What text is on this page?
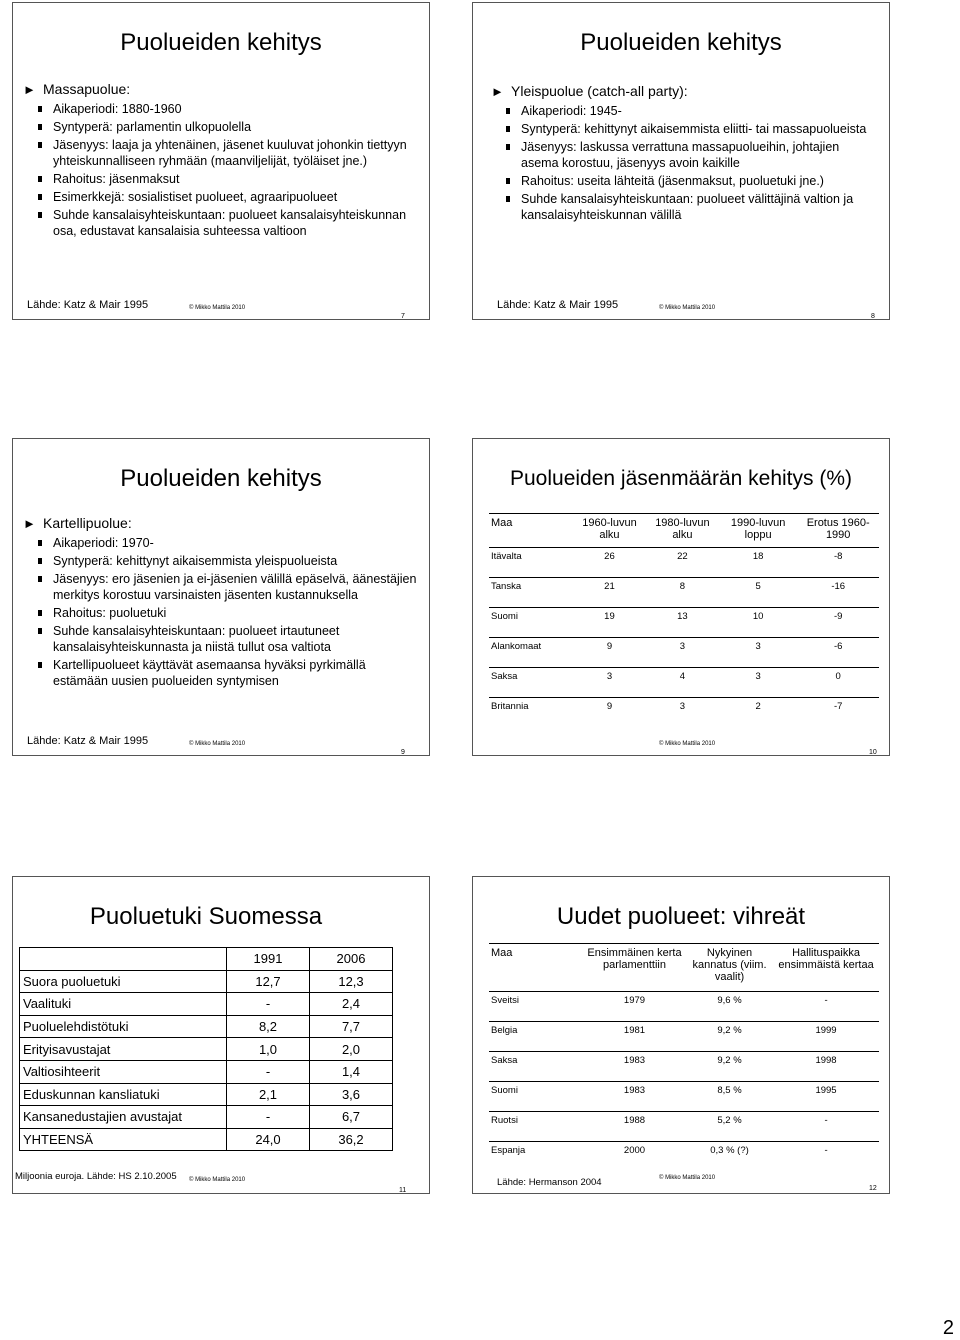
Puolueiden kehitys
► Massapuolue:
Aikaperiodi: 1880-1960
Syntyperä: parlamentin ulkopuolella
Jäsenyys: laaja ja yhtenäinen, jäsenet kuuluvat johonkin tiettyyn yhteiskunnalliseen ryhmään (maanviljelijät, työläiset jne.)
Rahoitus: jäsenmaksut
Esimerkkejä: sosialistiset puolueet, agraaripuolueet
Suhde kansalaisyhteiskuntaan: puolueet kansalaisyhteiskunnan osa, edustavat kansalaisia suhteessa valtioon
Lähde: Katz & Mair 1995	© Mikko Mattila 2010
7
Puolueiden kehitys
► Yleispuolue (catch-all party):
Aikaperiodi: 1945-
Syntyperä: kehittynyt aikaisemmista eliitti- tai massapuolueista
Jäsenyys: laskussa verrattuna massapuolueihin, johtajien asema korostuu, jäsenyys avoin kaikille
Rahoitus: useita lähteitä (jäsenmaksut, puoluetuki jne.)
Suhde kansalaisyhteiskuntaan: puolueet välittäjinä valtion ja kansalaisyhteiskunnan välillä
Lähde: Katz & Mair 1995	© Mikko Mattila 2010
8
Puolueiden kehitys
► Kartellipuolue:
Aikaperiodi: 1970-
Syntyperä: kehittynyt aikaisemmista yleispuolueista
Jäsenyys: ero jäsenien ja ei-jäsenien välillä epäselvä, äänestäjien merkitys korostuu varsinaisten jäsenten kustannuksella
Rahoitus: puoluetuki
Suhde kansalaisyhteiskuntaan: puolueet irtautuneet kansalaisyhteiskunnasta ja niistä tullut osa valtiota
Kartellipuolueet käyttävät asemaansa hyväksi pyrkimällä estämään uusien puolueiden syntymisen
Lähde: Katz & Mair 1995	© Mikko Mattila 2010
9
Puolueiden jäsenmäärän kehitys (%)
Maa	1960-luvun alku	1980-luvun alku	1990-luvun loppu	Erotus 1960-1990
Itävalta	26	22	18	-8
Tanska	21	8	5	-16
Suomi	19	13	10	-9
Alankomaat	9	3	3	-6
Saksa	3	4	3	0
Britannia	9	3	2	-7
© Mikko Mattila 2010
10
Puoluetuki Suomessa
	1991	2006
Suora puoluetuki	12,7	12,3
Vaalituki	-	2,4
Puoluelehdistötuki	8,2	7,7
Erityisavustajat	1,0	2,0
Valtiosihteerit	-	1,4
Eduskunnan kansliatuki	2,1	3,6
Kansanedustajien avustajat	-	6,7
YHTEENSÄ	24,0	36,2
Miljoonia euroja. Lähde: HS 2.10.2005 © Mikko Mattila 2010
11
Uudet puolueet: vihreät
Maa	Ensimmäinen kerta parlamenttiin	Nykyinen kannatus (viim. vaalit)	Hallituspaikka ensimmäistä kertaa
Sveitsi	1979	9,6 %	-
Belgia	1981	9,2 %	1999
Saksa	1983	9,2 %	1998
Suomi	1983	8,5 %	1995
Ruotsi	1988	5,2 %	-
Espanja	2000	0,3 % (?)	-
Lähde: Hermanson 2004	© Mikko Mattila 2010
12
2
